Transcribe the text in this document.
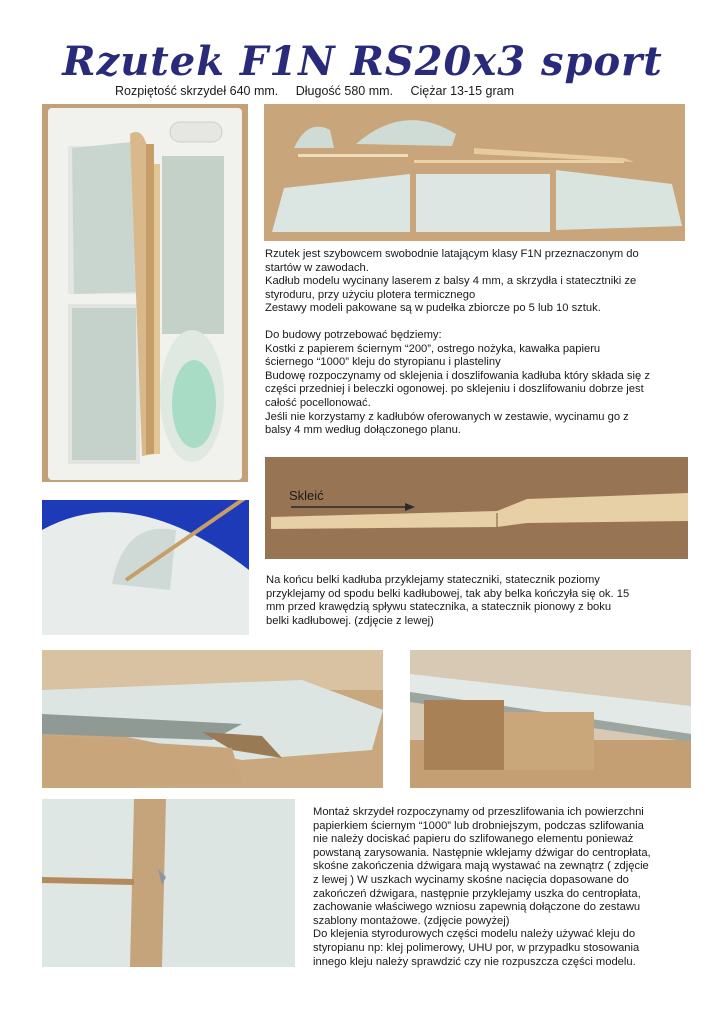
Rzutek F1N RS20x3 sport
Rozpiętość skrzydeł 640 mm. Długość 580 mm. Ciężar 13-15 gram

Rzutek jest szybowcem swobodnie latającym klasy F1N przeznaczonym do

startów w zawodach.

Kadłub modelu wycinany laserem z balsy 4 mm, a skrzydła i statecztniki ze

styroduru, przy użyciu plotera termicznego

Zestawy modeli pakowane są w pudełka zbiorcze po 5 lub 10 sztuk.

Do budowy potrzebować będziemy:

Kostki z papierem ściernym “200”, ostrego nożyka, kawałka papieru

ściernego “1000” kleju do styropianu i plasteliny

Budowę rozpoczynamy od sklejenia i doszlifowania kadłuba który składa się z

części przedniej i beleczki ogonowej. po sklejeniu i doszlifowaniu dobrze jest

całość pocellonować.

Jeśli nie korzystamy z kadłubów oferowanych w zestawie, wycinamu go z

balsy 4 mm według dołączonego planu.

Skleić

Na końcu belki kadłuba przyklejamy stateczniki, statecznik poziomy

przyklejamy od spodu belki kadłubowej, tak aby belka kończyła się ok. 15

mm przed krawędzią spływu statecznika, a statecznik pionowy z boku

belki kadłubowej. (zdjęcie z lewej)

Montaż skrzydeł rozpoczynamy od przeszlifowania ich powierzchni

papierkiem ściernym “1000” lub drobniejszym, podczas szlifowania

nie należy dociskać papieru do szlifowanego elementu ponieważ

powstaną zarysowania. Następnie wklejamy dźwigar do centropłata,

skośne zakończenia dźwigara mają wystawać na zewnątrz ( zdjęcie

z lewej ) W uszkach wycinamy skośne nacięcia dopasowane do

zakończeń dźwigara, następnie przyklejamy uszka do centropłata,

zachowanie właściwego wzniosu zapewnią dołączone do zestawu

szablony montażowe. (zdjęcie powyżej)

Do klejenia styrodurowych części modelu należy używać kleju do

styropianu np: klej polimerowy, UHU por, w przypadku stosowania

innego kleju należy sprawdzić czy nie rozpuszcza części modelu.
